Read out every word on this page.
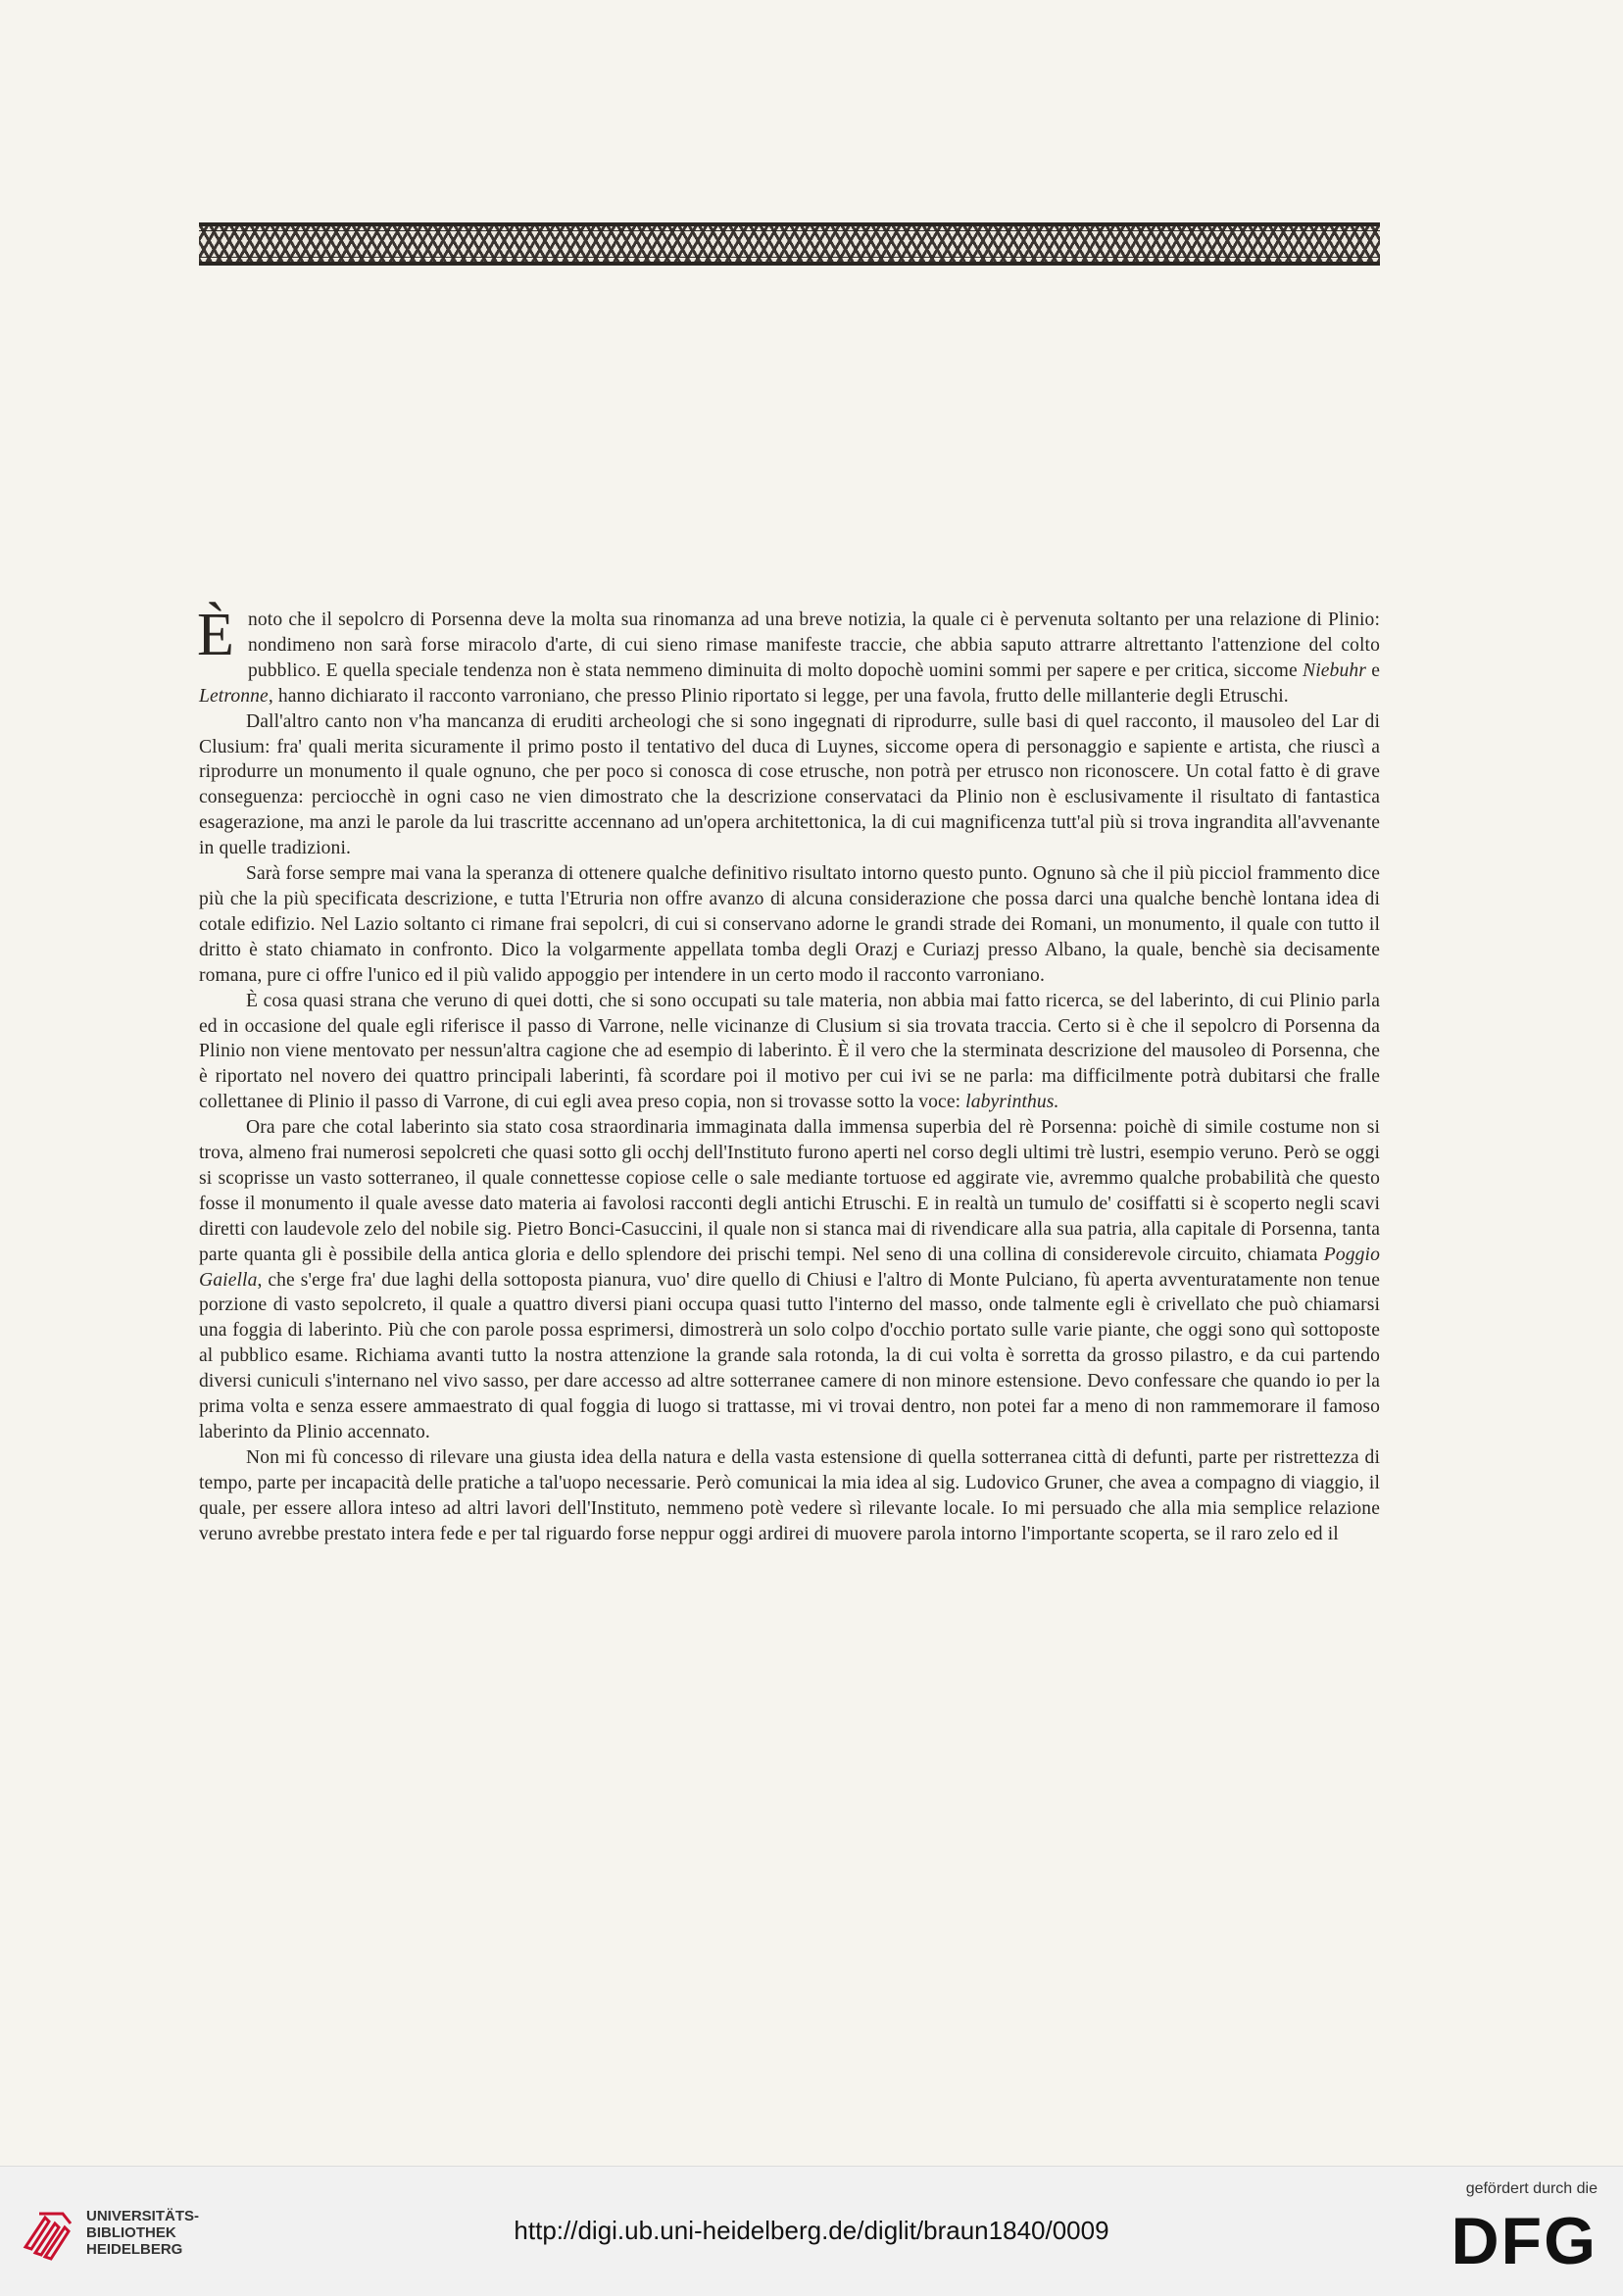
È noto che il sepolcro di Porsenna deve la molta sua rinomanza ad una breve notizia, la quale ci è pervenuta soltanto per una relazione di Plinio: nondimeno non sarà forse miracolo d'arte, di cui sieno rimase manifeste traccie, che abbia saputo attrarre altrettanto l'attenzione del colto pubblico. E quella speciale tendenza non è stata nemmeno diminuita di molto dopochè uomini sommi per sapere e per critica, siccome Niebuhr e Letronne, hanno dichiarato il racconto varroniano, che presso Plinio riportato si legge, per una favola, frutto delle millanterie degli Etruschi.

Dall'altro canto non v'ha mancanza di eruditi archeologi che si sono ingegnati di riprodurre, sulle basi di quel racconto, il mausoleo del Lar di Clusium: fra' quali merita sicuramente il primo posto il tentativo del duca di Luynes, siccome opera di personaggio e sapiente e artista, che riuscì a riprodurre un monumento il quale ognuno, che per poco si conosca di cose etrusche, non potrà per etrusco non riconoscere. Un cotal fatto è di grave conseguenza: perciocchè in ogni caso ne vien dimostrato che la descrizione conservataci da Plinio non è esclusivamente il risultato di fantastica esagerazione, ma anzi le parole da lui trascritte accennano ad un'opera architettonica, la di cui magnificenza tutt'al più si trova ingrandita all'avvenante in quelle tradizioni.

Sarà forse sempre mai vana la speranza di ottenere qualche definitivo risultato intorno questo punto. Ognuno sà che il più picciol frammento dice più che la più specificata descrizione, e tutta l'Etruria non offre avanzo di alcuna considerazione che possa darci una qualche benchè lontana idea di cotale edifizio. Nel Lazio soltanto ci rimane frai sepolcri, di cui si conservano adorne le grandi strade dei Romani, un monumento, il quale con tutto il dritto è stato chiamato in confronto. Dico la volgarmente appellata tomba degli Orazj e Curiazj presso Albano, la quale, benchè sia decisamente romana, pure ci offre l'unico ed il più valido appoggio per intendere in un certo modo il racconto varroniano.

È cosa quasi strana che veruno di quei dotti, che si sono occupati su tale materia, non abbia mai fatto ricerca, se del laberinto, di cui Plinio parla ed in occasione del quale egli riferisce il passo di Varrone, nelle vicinanze di Clusium si sia trovata traccia. Certo si è che il sepolcro di Porsenna da Plinio non viene mentovato per nessun'altra cagione che ad esempio di laberinto. È il vero che la sterminata descrizione del mausoleo di Porsenna, che è riportato nel novero dei quattro principali laberinti, fà scordare poi il motivo per cui ivi se ne parla: ma difficilmente potrà dubitarsi che fralle collettanee di Plinio il passo di Varrone, di cui egli avea preso copia, non si trovasse sotto la voce: labyrinthus.

Ora pare che cotal laberinto sia stato cosa straordinaria immaginata dalla immensa superbia del rè Porsenna: poichè di simile costume non si trova, almeno frai numerosi sepolcreti che quasi sotto gli occhj dell'Instituto furono aperti nel corso degli ultimi trè lustri, esempio veruno. Però se oggi si scoprisse un vasto sotterraneo, il quale connettesse copiose celle o sale mediante tortuose ed aggirate vie, avremmo qualche probabilità che questo fosse il monumento il quale avesse dato materia ai favolosi racconti degli antichi Etruschi. E in realtà un tumulo de' cosiffatti si è scoperto negli scavi diretti con laudevole zelo del nobile sig. Pietro Bonci-Casuccini, il quale non si stanca mai di rivendicare alla sua patria, alla capitale di Porsenna, tanta parte quanta gli è possibile della antica gloria e dello splendore dei prischi tempi. Nel seno di una collina di considerevole circuito, chiamata Poggio Gaiella, che s'erge fra' due laghi della sottoposta pianura, vuo' dire quello di Chiusi e l'altro di Monte Pulciano, fù aperta avventuratamente non tenue porzione di vasto sepolcreto, il quale a quattro diversi piani occupa quasi tutto l'interno del masso, onde talmente egli è crivellato che può chiamarsi una foggia di laberinto. Più che con parole possa esprimersi, dimostrerà un solo colpo d'occhio portato sulle varie piante, che oggi sono quì sottoposte al pubblico esame. Richiama avanti tutto la nostra attenzione la grande sala rotonda, la di cui volta è sorretta da grosso pilastro, e da cui partendo diversi cuniculi s'internano nel vivo sasso, per dare accesso ad altre sotterranee camere di non minore estensione. Devo confessare che quando io per la prima volta e senza essere ammaestrato di qual foggia di luogo si trattasse, mi vi trovai dentro, non potei far a meno di non rammemorare il famoso laberinto da Plinio accennato.

Non mi fù concesso di rilevare una giusta idea della natura e della vasta estensione di quella sotterranea città di defunti, parte per ristrettezza di tempo, parte per incapacità delle pratiche a tal'uopo necessarie. Però comunicai la mia idea al sig. Ludovico Gruner, che avea a compagno di viaggio, il quale, per essere allora inteso ad altri lavori dell'Instituto, nemmeno potè vedere sì rilevante locale. Io mi persuado che alla mia semplice relazione veruno avrebbe prestato intera fede e per tal riguardo forse neppur oggi ardirei di muovere parola intorno l'importante scoperta, se il raro zelo ed il

UNIVERSITÄTS-
BIBLIOTHEK
HEIDELBERG
http://digi.ub.uni-heidelberg.de/diglit/braun1840/0009
gefördert durch die
DFG
